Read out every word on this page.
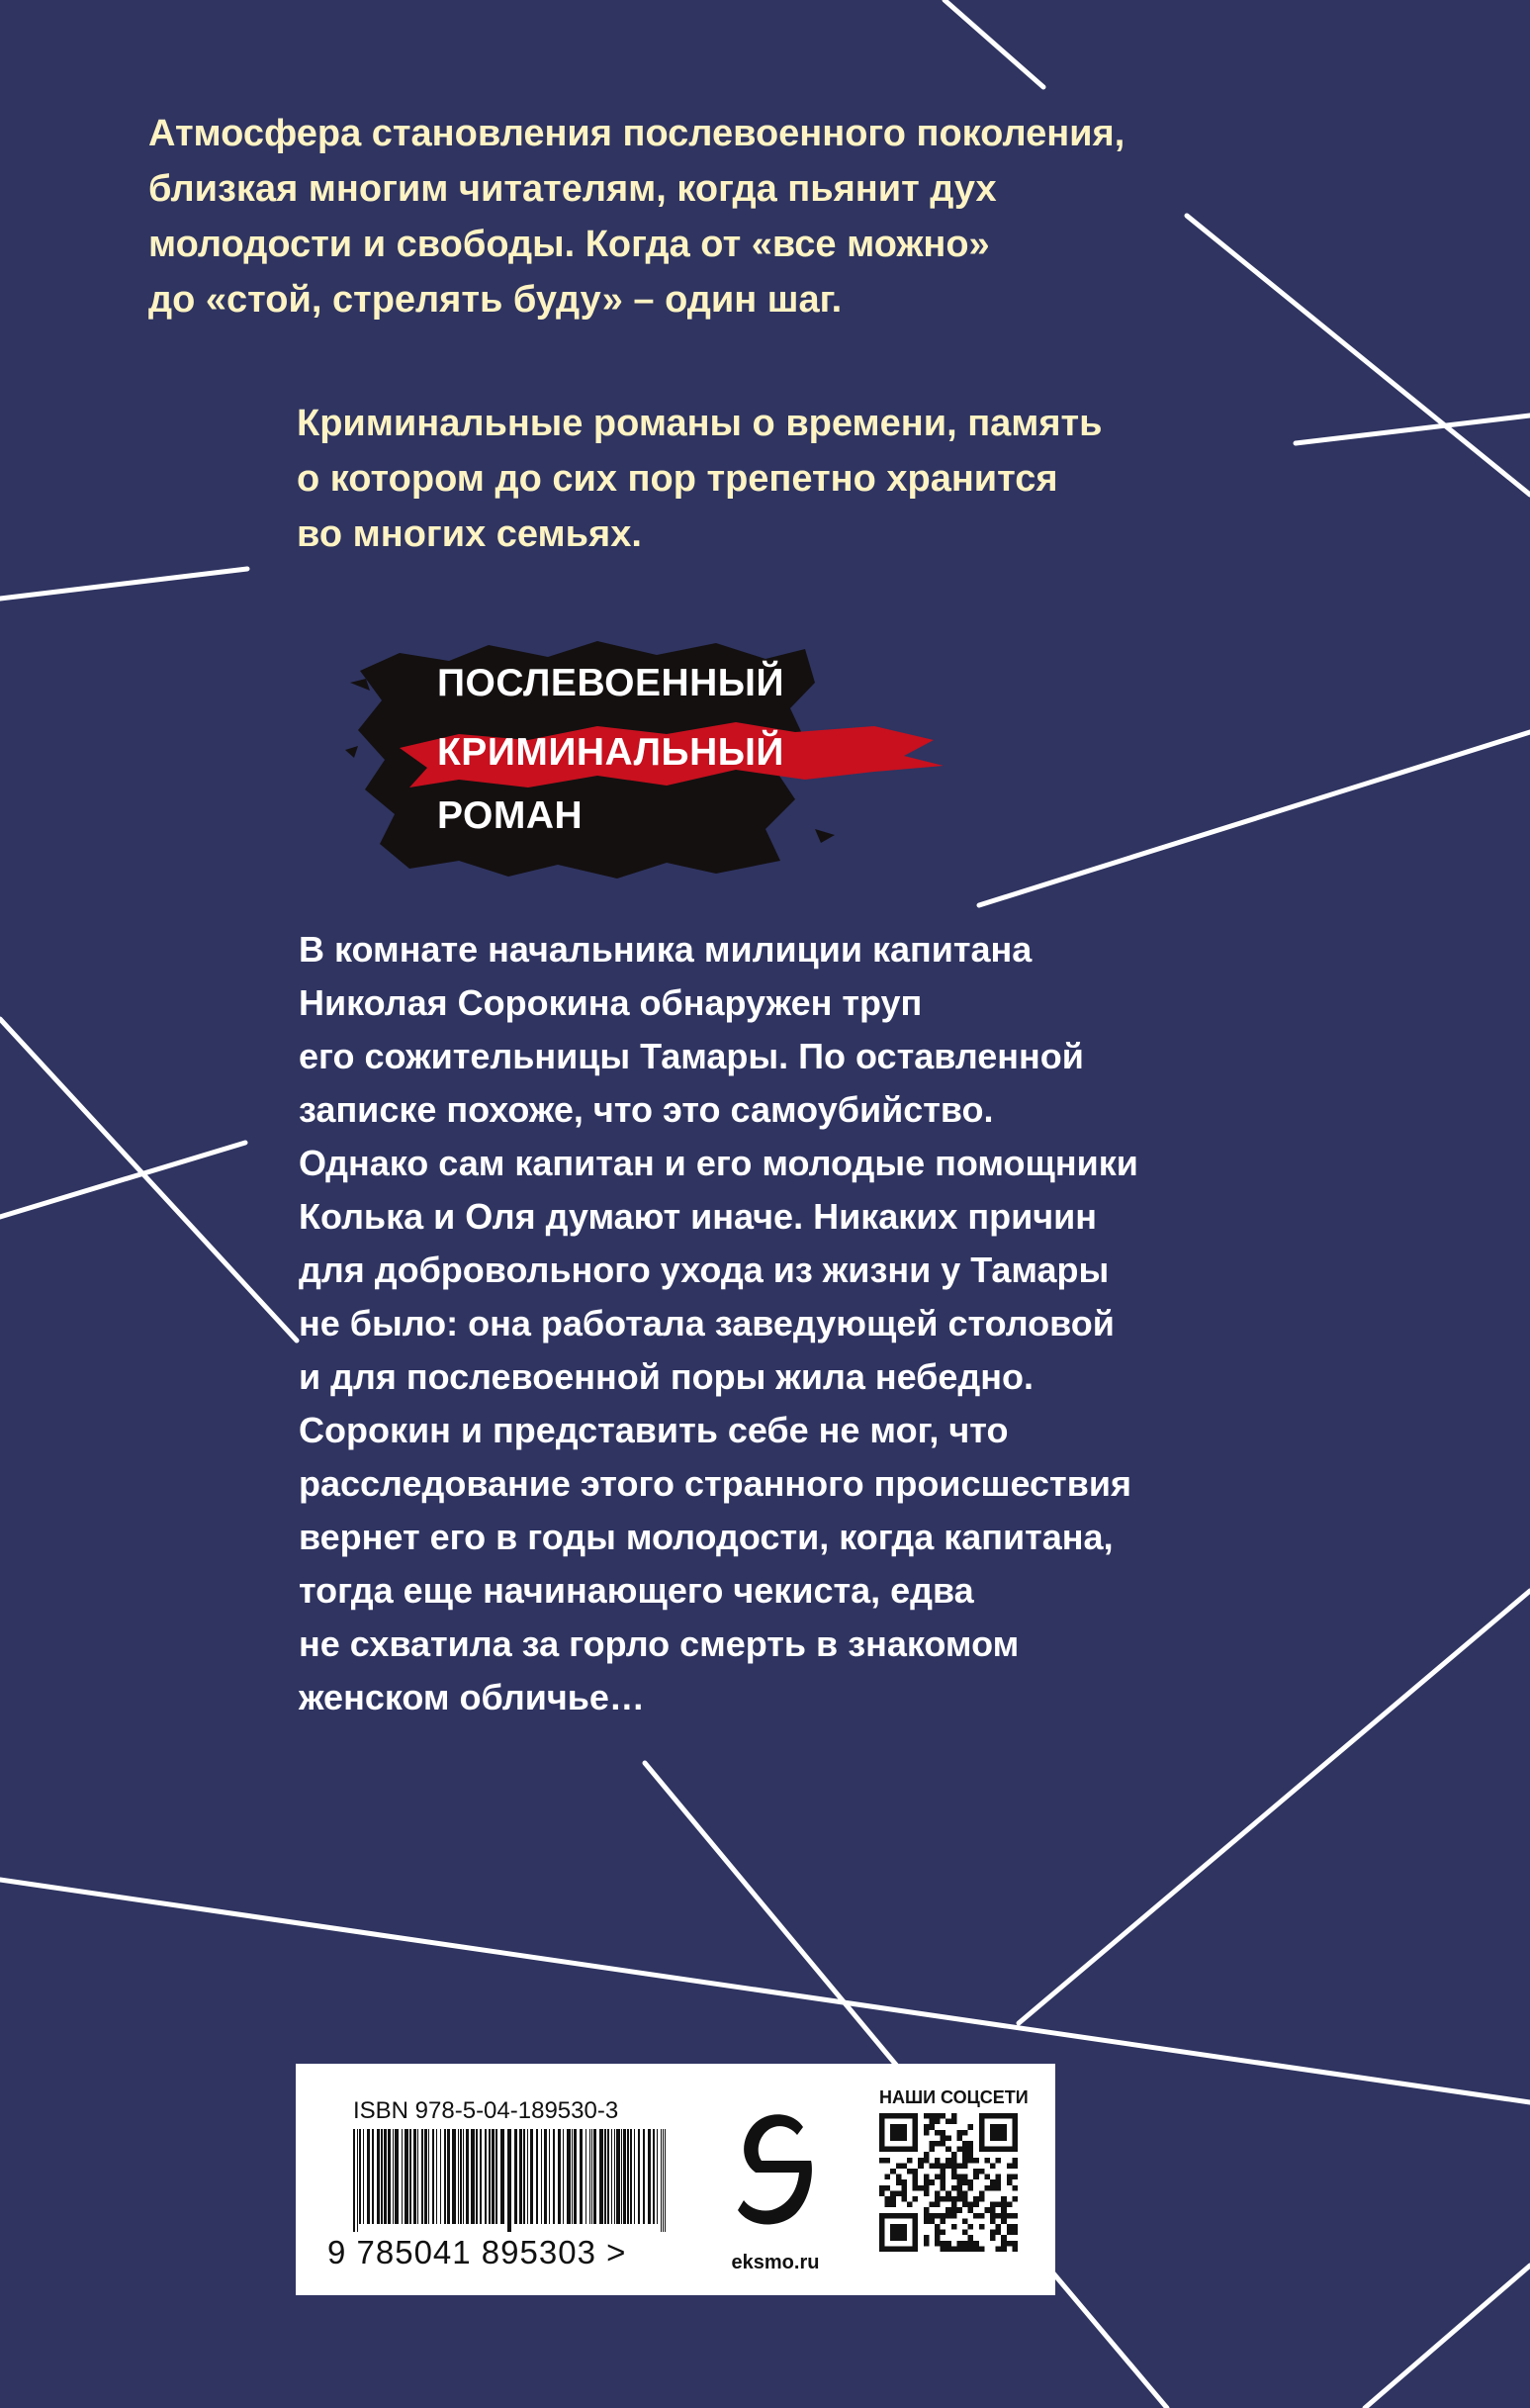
Атмосфера становления послевоенного поколения,
близкая многим читателям, когда пьянит дух
молодости и свободы. Когда от «все можно»
до «стой, стрелять буду» – один шаг.

Криминальные романы о времени, память
о котором до сих пор трепетно хранится
во многих семьях.

ПОСЛЕВОЕННЫЙ

КРИМИНАЛЬНЫЙ

РОМАН

В комнате начальника милиции капитана
Николая Сорокина обнаружен труп
его сожительницы Тамары. По оставленной
записке похоже, что это самоубийство.
Однако сам капитан и его молодые помощники
Колька и Оля думают иначе. Никаких причин
для добровольного ухода из жизни у Тамары
не было: она работала заведующей столовой
и для послевоенной поры жила небедно.
Сорокин и представить себе не мог, что
расследование этого странного происшествия
вернет его в годы молодости, когда капитана,
тогда еще начинающего чекиста, едва
не схватила за горло смерть в знакомом
женском обличье…

ISBN 978-5-04-189530-3

9 785041 895303 >	eksmo.ru

НАШИ СОЦСЕТИ
